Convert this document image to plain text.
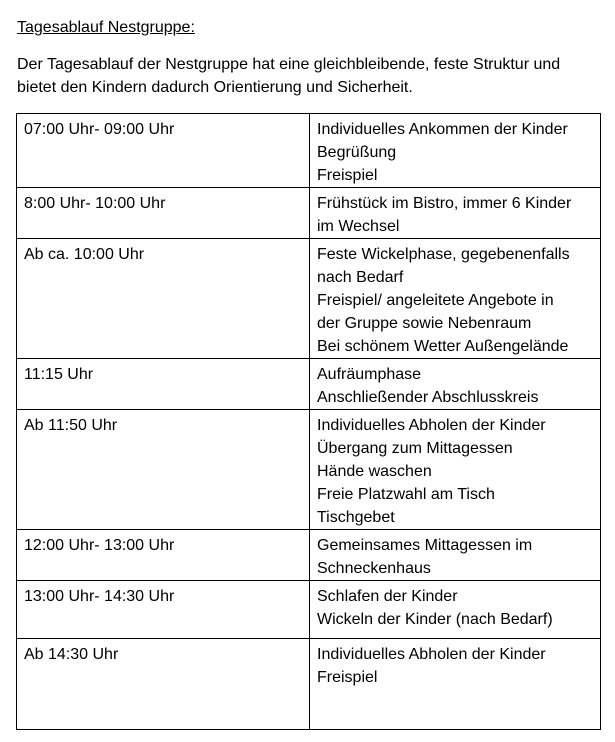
Tagesablauf Nestgruppe:
Der Tagesablauf der Nestgruppe hat eine gleichbleibende, feste Struktur und
bietet den Kindern dadurch Orientierung und Sicherheit.
07:00 Uhr- 09:00 Uhr	Individuelles Ankommen der Kinder
Begrüßung
Freispiel

8:00 Uhr- 10:00 Uhr	Frühstück im Bistro, immer 6 Kinder
im Wechsel

Ab ca. 10:00 Uhr	Feste Wickelphase, gegebenenfalls
nach Bedarf
Freispiel/ angeleitete Angebote in
der Gruppe sowie Nebenraum
Bei schönem Wetter Außengelände

11:15 Uhr	Aufräumphase
Anschließender Abschlusskreis

Ab 11:50 Uhr	Individuelles Abholen der Kinder
Übergang zum Mittagessen
Hände waschen
Freie Platzwahl am Tisch
Tischgebet

12:00 Uhr- 13:00 Uhr	Gemeinsames Mittagessen im
Schneckenhaus

13:00 Uhr- 14:30 Uhr	Schlafen der Kinder
Wickeln der Kinder (nach Bedarf)

Ab 14:30 Uhr	Individuelles Abholen der Kinder
Freispiel
